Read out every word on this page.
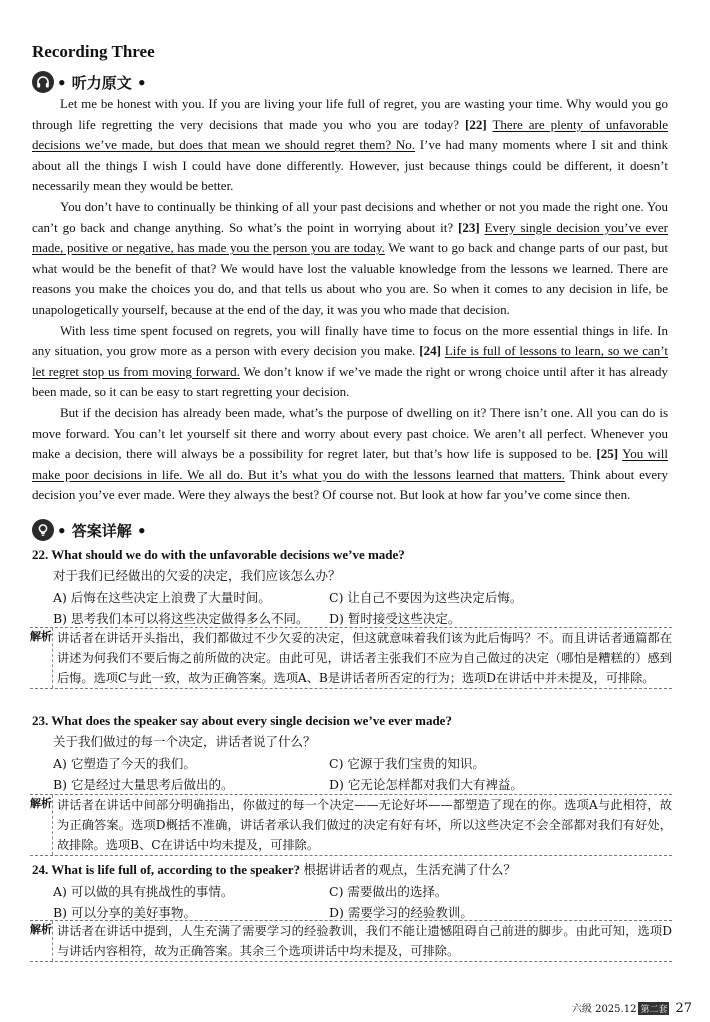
Recording Three
• 听力原文 •

Let me be honest with you. If you are living your life full of regret, you are wasting your time. Why would you go through life regretting the very decisions that made you who you are today? [22] There are plenty of unfavorable decisions we’ve made, but does that mean we should regret them? No. I’ve had many moments where I sit and think about all the things I wish I could have done differently. However, just because things could be different, it doesn’t necessarily mean they would be better.

You don’t have to continually be thinking of all your past decisions and whether or not you made the right one. You can’t go back and change anything. So what’s the point in worrying about it? [23] Every single decision you’ve ever made, positive or negative, has made you the person you are today. We want to go back and change parts of our past, but what would be the benefit of that? We would have lost the valuable knowledge from the lessons we learned. There are reasons you make the choices you do, and that tells us about who you are. So when it comes to any decision in life, be unapologetically yourself, because at the end of the day, it was you who made that decision.

With less time spent focused on regrets, you will finally have time to focus on the more essential things in life. In any situation, you grow more as a person with every decision you make. [24] Life is full of lessons to learn, so we can’t let regret stop us from moving forward. We don’t know if we’ve made the right or wrong choice until after it has already been made, so it can be easy to start regretting your decision.

But if the decision has already been made, what’s the purpose of dwelling on it? There isn’t one. All you can do is move forward. You can’t let yourself sit there and worry about every past choice. We aren’t all perfect. Whenever you make a decision, there will always be a possibility for regret later, but that’s how life is supposed to be. [25] You will make poor decisions in life. We all do. But it’s what you do with the lessons learned that matters. Think about every decision you’ve ever made. Were they always the best? Of course not. But look at how far you’ve come since then.

• 答案详解 •
22. What should we do with the unfavorable decisions we’ve made?
对于我们已经做出的欠妥的决定，我们应该怎么办？
A) 后悔在这些决定上浪费了大量时间。	C) 让自己不要因为这些决定后悔。
B) 思考我们本可以将这些决定做得多么不同。	D) 暂时接受这些决定。
解析 讲话者在讲话开头指出，我们都做过不少欠妥的决定，但这就意味着我们该为此后悔吗？不。而且讲话者通篇都在讲述为何我们不要后悔之前所做的决定。由此可见，讲话者主张我们不应为自己做过的决定（哪怕是糟糕的）感到后悔。选项C与此一致，故为正确答案。选项A、B是讲话者所否定的行为；选项D在讲话中并未提及，可排除。
23. What does the speaker say about every single decision we’ve ever made?
关于我们做过的每一个决定，讲话者说了什么？
A) 它塑造了今天的我们。	C) 它源于我们宝贵的知识。
B) 它是经过大量思考后做出的。	D) 它无论怎样都对我们大有裨益。
解析 讲话者在讲话中间部分明确指出，你做过的每一个决定——无论好坏——都塑造了现在的你。选项A与此相符，故为正确答案。选项D概括不准确，讲话者承认我们做过的决定有好有坏，所以这些决定不会全部都对我们有好处，故排除。选项B、C在讲话中均未提及，可排除。
24. What is life full of, according to the speaker? 根据讲话者的观点，生活充满了什么？
A) 可以做的具有挑战性的事情。	C) 需要做出的选择。
B) 可以分享的美好事物。	D) 需要学习的经验教训。
解析 讲话者在讲话中提到，人生充满了需要学习的经验教训，我们不能让遗憾阻碍自己前进的脚步。由此可知，选项D与讲话内容相符，故为正确答案。其余三个选项讲话中均未提及，可排除。
六级 2025.12 第二套 27
